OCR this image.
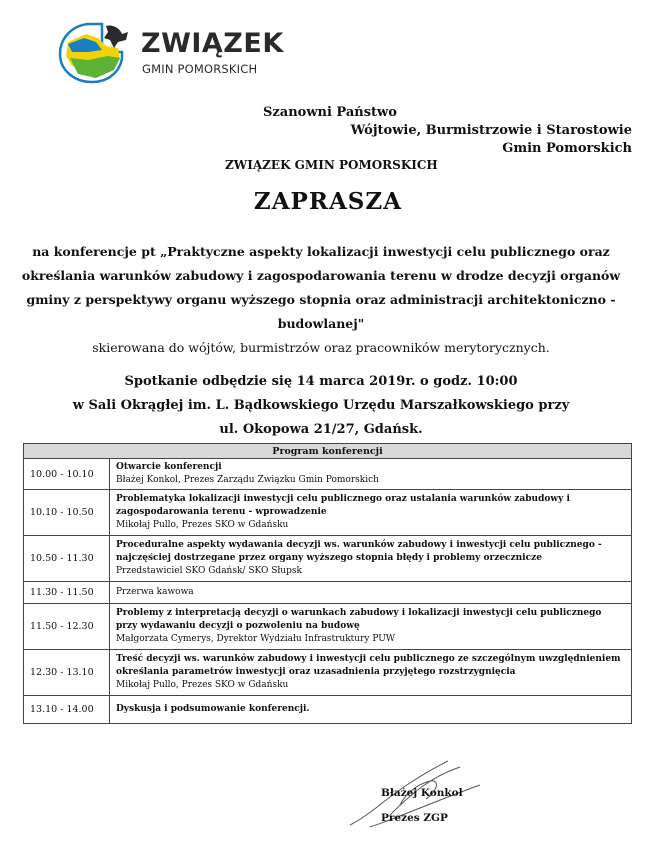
ZWIĄZEK
GMIN POMORSKICH
Szanowni Państwo
Wójtowie, Burmistrzowie i Starostowie
Gmin Pomorskich
ZWIĄZEK GMIN POMORSKICH
ZAPRASZA
na konferencje pt „Praktyczne aspekty lokalizacji inwestycji celu publicznego oraz
określania warunków zabudowy i zagospodarowania terenu w drodze decyzji organów
gminy z perspektywy organu wyższego stopnia oraz administracji architektoniczno -
budowlanej"
skierowana do wójtów, burmistrzów oraz pracowników merytorycznych.
Spotkanie odbędzie się 14 marca 2019r. o godz. 10:00
w Sali Okrągłej im. L. Bądkowskiego Urzędu Marszałkowskiego przy
ul. Okopowa 21/27, Gdańsk.
Program konferencji	
10.00 - 10.10	Otwarcie konferencji
Błażej Konkol, Prezes Zarządu Związku Gmin Pomorskich

10.10 - 10.50	Problematyka lokalizacji inwestycji celu publicznego oraz ustalania warunków zabudowy i zagospodarowania terenu - wprowadzenie
Mikołaj Pullo, Prezes SKO w Gdańsku

10.50 - 11.30	Proceduralne aspekty wydawania decyzji ws. warunków zabudowy i inwestycji celu publicznego - najczęściej dostrzegane przez organy wyższego stopnia błędy i problemy orzecznicze
Przedstawiciel SKO Gdańsk/ SKO Słupsk

11.30 - 11.50	Przerwa kawowa

11.50 - 12.30	Problemy z interpretacją decyzji o warunkach zabudowy i lokalizacji inwestycji celu publicznego przy wydawaniu decyzji o pozwoleniu na budowę
Małgorzata Cymerys, Dyrektor Wydziału Infrastruktury PUW

12.30 - 13.10	Treść decyzji ws. warunków zabudowy i inwestycji celu publicznego ze szczególnym uwzględnieniem określania parametrów inwestycji oraz uzasadnienia przyjętego rozstrzygnięcia
Mikołaj Pullo, Prezes SKO w Gdańsku

13.10 - 14.00	Dyskusja i podsumowanie konferencji.
Błażej Konkol
Prezes ZGP
